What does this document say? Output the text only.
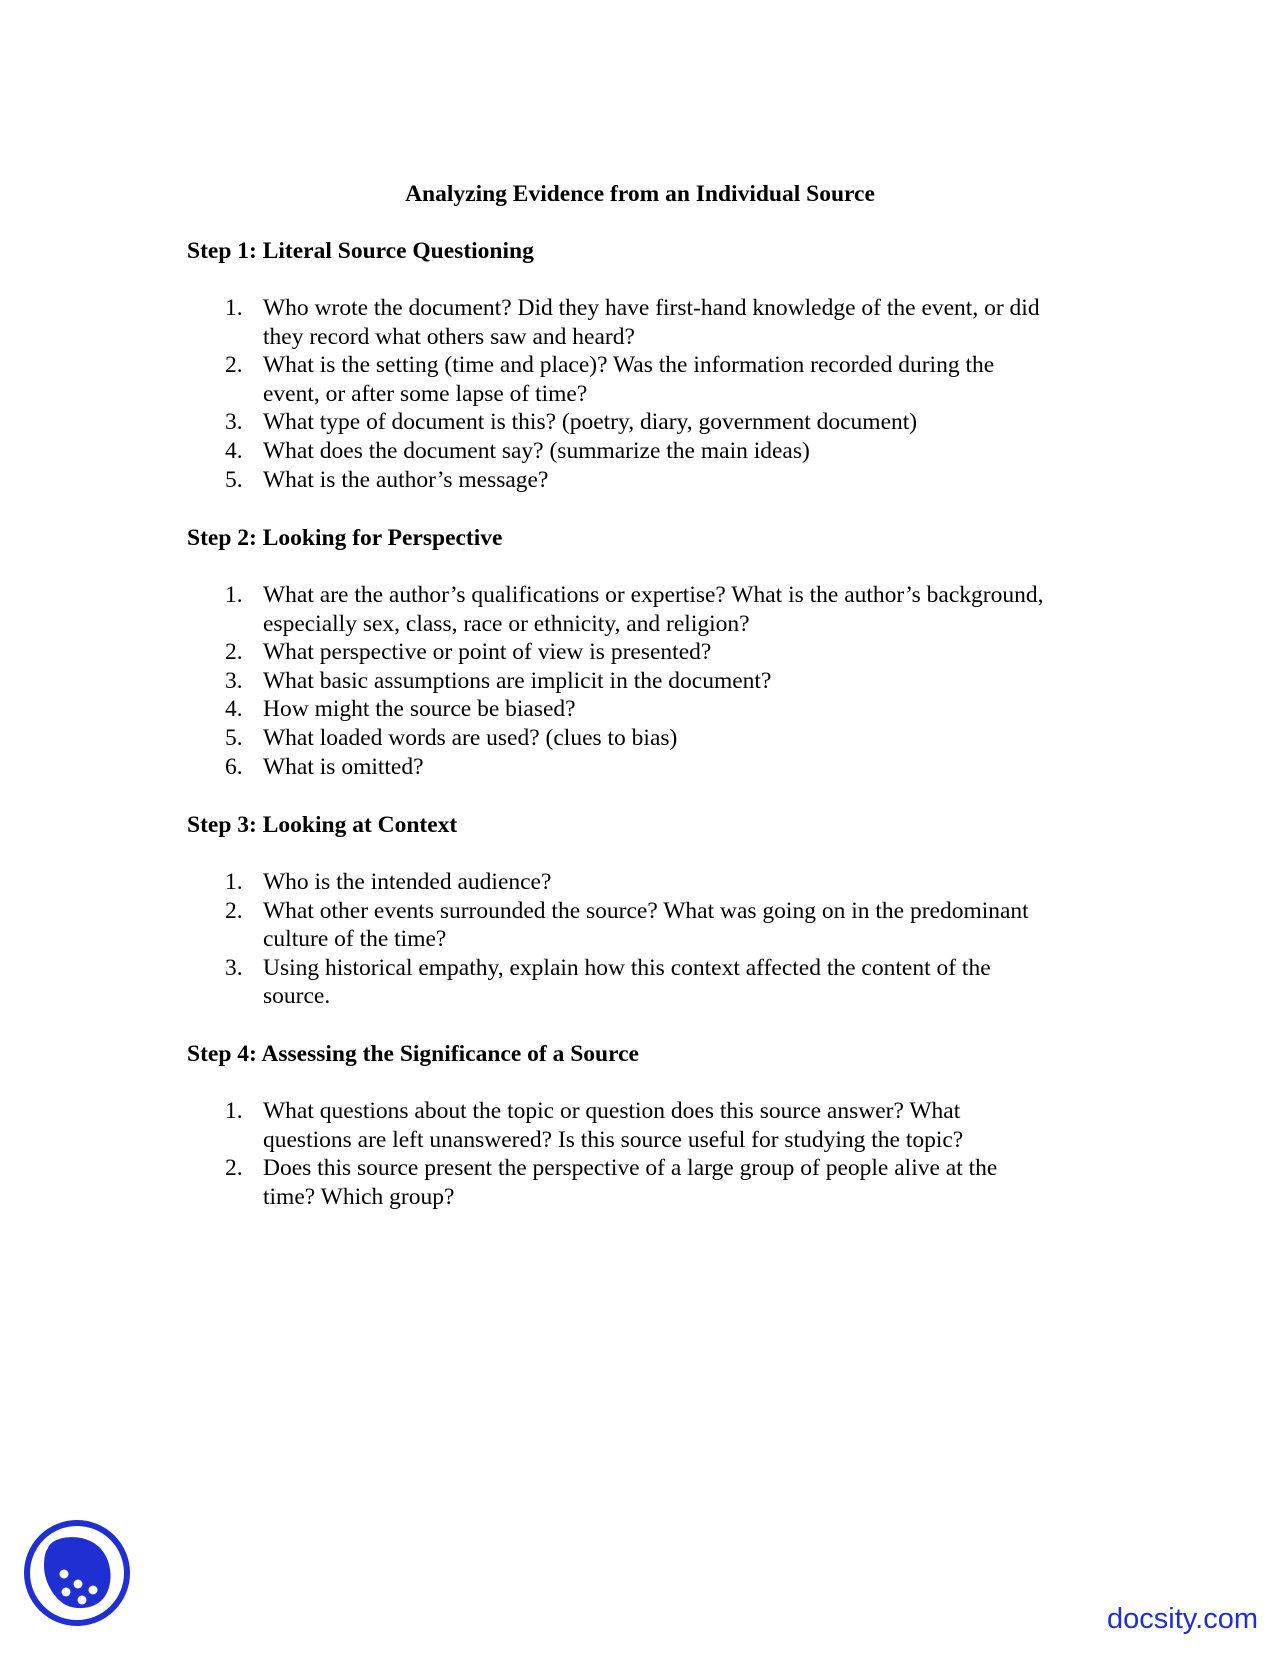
Analyzing Evidence from an Individual Source
Step 1: Literal Source Questioning
1. Who wrote the document? Did they have first-hand knowledge of the event, or did they record what others saw and heard?
2. What is the setting (time and place)? Was the information recorded during the event, or after some lapse of time?
3. What type of document is this? (poetry, diary, government document)
4. What does the document say? (summarize the main ideas)
5. What is the author’s message?
Step 2: Looking for Perspective
1. What are the author’s qualifications or expertise? What is the author’s background, especially sex, class, race or ethnicity, and religion?
2. What perspective or point of view is presented?
3. What basic assumptions are implicit in the document?
4. How might the source be biased?
5. What loaded words are used? (clues to bias)
6. What is omitted?
Step 3: Looking at Context
1. Who is the intended audience?
2. What other events surrounded the source? What was going on in the predominant culture of the time?
3. Using historical empathy, explain how this context affected the content of the source.
Step 4: Assessing the Significance of a Source
1. What questions about the topic or question does this source answer? What questions are left unanswered? Is this source useful for studying the topic?
2. Does this source present the perspective of a large group of people alive at the time? Which group?
docsity.com
